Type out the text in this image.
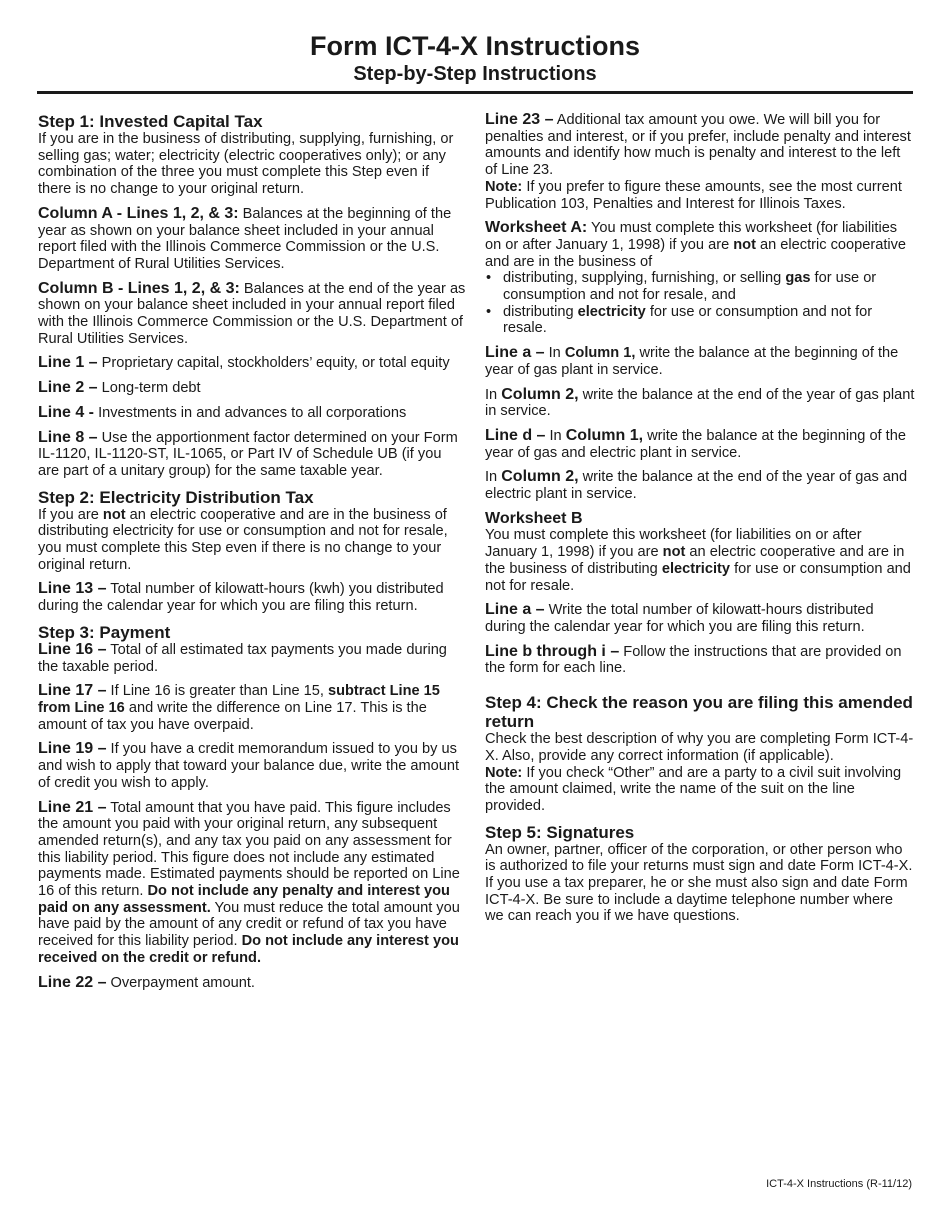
Form ICT-4-X Instructions
Step-by-Step Instructions
Step 1: Invested Capital Tax

If you are in the business of distributing, supplying, furnishing, or selling gas; water; electricity (electric cooperatives only); or any combination of the three you must complete this Step even if there is no change to your original return.

Column A - Lines 1, 2, & 3: Balances at the beginning of the year as shown on your balance sheet included in your annual report filed with the Illinois Commerce Commission or the U.S. Department of Rural Utilities Services.

Column B - Lines 1, 2, & 3: Balances at the end of the year as shown on your balance sheet included in your annual report filed with the Illinois Commerce Commission or the U.S. Department of Rural Utilities Services.

Line 1 – Proprietary capital, stockholders’ equity, or total equity

Line 2 – Long-term debt

Line 4 - Investments in and advances to all corporations

Line 8 – Use the apportionment factor determined on your Form IL-1120, IL-1120-ST, IL-1065, or Part IV of Schedule UB (if you are part of a unitary group) for the same taxable year.

Step 2: Electricity Distribution Tax

If you are not an electric cooperative and are in the business of distributing electricity for use or consumption and not for resale, you must complete this Step even if there is no change to your original return.

Line 13 – Total number of kilowatt-hours (kwh) you distributed during the calendar year for which you are filing this return.

Step 3: Payment

Line 16 – Total of all estimated tax payments you made during the taxable period.

Line 17 – If Line 16 is greater than Line 15, subtract Line 15 from Line 16 and write the difference on Line 17. This is the amount of tax you have overpaid.

Line 19 – If you have a credit memorandum issued to you by us and wish to apply that toward your balance due, write the amount of credit you wish to apply.

Line 21 – Total amount that you have paid. This figure includes the amount you paid with your original return, any subsequent amended return(s), and any tax you paid on any assessment for this liability period. This figure does not include any estimated payments made. Estimated payments should be reported on Line 16 of this return. Do not include any penalty and interest you paid on any assessment. You must reduce the total amount you have paid by the amount of any credit or refund of tax you have received for this liability period. Do not include any interest you received on the credit or refund.

Line 22 – Overpayment amount.

Line 23 – Additional tax amount you owe. We will bill you for penalties and interest, or if you prefer, include penalty and interest amounts and identify how much is penalty and interest to the left of Line 23.

Note: If you prefer to figure these amounts, see the most current Publication 103, Penalties and Interest for Illinois Taxes.

Worksheet A: You must complete this worksheet (for liabilities on or after January 1, 1998) if you are not an electric cooperative and are in the business of

• distributing, supplying, furnishing, or selling gas for use or consumption and not for resale, and
• distributing electricity for use or consumption and not for resale.

Line a – In Column 1, write the balance at the beginning of the year of gas plant in service.

In Column 2, write the balance at the end of the year of gas plant in service.

Line d – In Column 1, write the balance at the beginning of the year of gas and electric plant in service.

In Column 2, write the balance at the end of the year of gas and electric plant in service.

Worksheet B

You must complete this worksheet (for liabilities on or after January 1, 1998) if you are not an electric cooperative and are in the business of distributing electricity for use or consumption and not for resale.

Line a – Write the total number of kilowatt-hours distributed during the calendar year for which you are filing this return.

Line b through i – Follow the instructions that are provided on the form for each line.

Step 4: Check the reason you are filing this amended return

Check the best description of why you are completing Form ICT-4-X. Also, provide any correct information (if applicable).

Note: If you check “Other” and are a party to a civil suit involving the amount claimed, write the name of the suit on the line provided.

Step 5: Signatures

An owner, partner, officer of the corporation, or other person who is authorized to file your returns must sign and date Form ICT-4-X. If you use a tax preparer, he or she must also sign and date Form ICT-4-X. Be sure to include a daytime telephone number where we can reach you if we have questions.

ICT-4-X Instructions (R-11/12)
